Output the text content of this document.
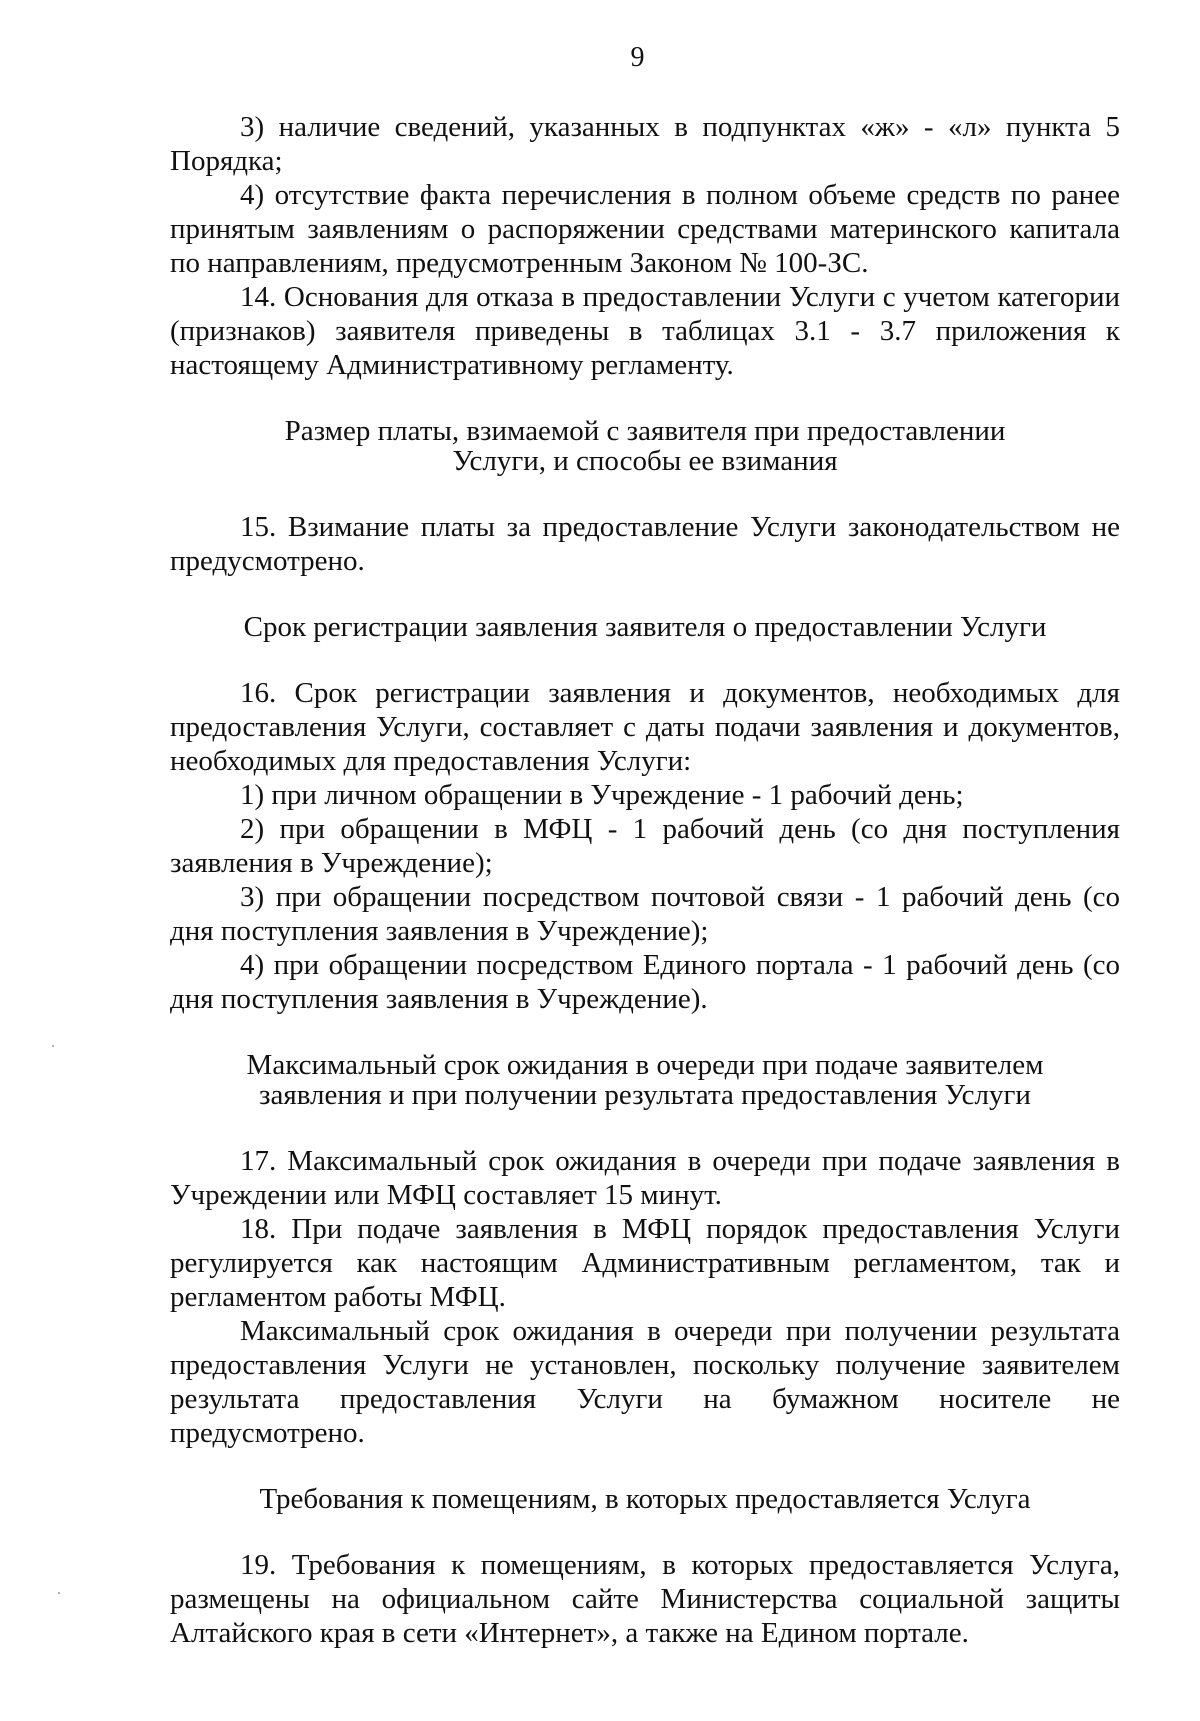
9

3) наличие сведений, указанных в подпунктах «ж» - «л» пункта 5 Порядка;

4) отсутствие факта перечисления в полном объеме средств по ранее принятым заявлениям о распоряжении средствами материнского капитала по направлениям, предусмотренным Законом № 100-ЗС.

14. Основания для отказа в предоставлении Услуги с учетом категории (признаков) заявителя приведены в таблицах 3.1 - 3.7 приложения к настоящему Административному регламенту.

Размер платы, взимаемой с заявителя при предоставлении

Услуги, и способы ее взимания

15. Взимание платы за предоставление Услуги законодательством не предусмотрено.

Срок регистрации заявления заявителя о предоставлении Услуги

16. Срок регистрации заявления и документов, необходимых для предоставления Услуги, составляет с даты подачи заявления и документов, необходимых для предоставления Услуги:

1) при личном обращении в Учреждение - 1 рабочий день;

2) при обращении в МФЦ - 1 рабочий день (со дня поступления заявления в Учреждение);

3) при обращении посредством почтовой связи - 1 рабочий день (со дня поступления заявления в Учреждение);

4) при обращении посредством Единого портала - 1 рабочий день (со дня поступления заявления в Учреждение).

Максимальный срок ожидания в очереди при подаче заявителем

заявления и при получении результата предоставления Услуги

17. Максимальный срок ожидания в очереди при подаче заявления в Учреждении или МФЦ составляет 15 минут.

18. При подаче заявления в МФЦ порядок предоставления Услуги регулируется как настоящим Административным регламентом, так и регламентом работы МФЦ.

Максимальный срок ожидания в очереди при получении результата предоставления Услуги не установлен, поскольку получение заявителем результата предоставления Услуги на бумажном носителе не предусмотрено.

Требования к помещениям, в которых предоставляется Услуга

19. Требования к помещениям, в которых предоставляется Услуга, размещены на официальном сайте Министерства социальной защиты Алтайского края в сети «Интернет», а также на Едином портале.
